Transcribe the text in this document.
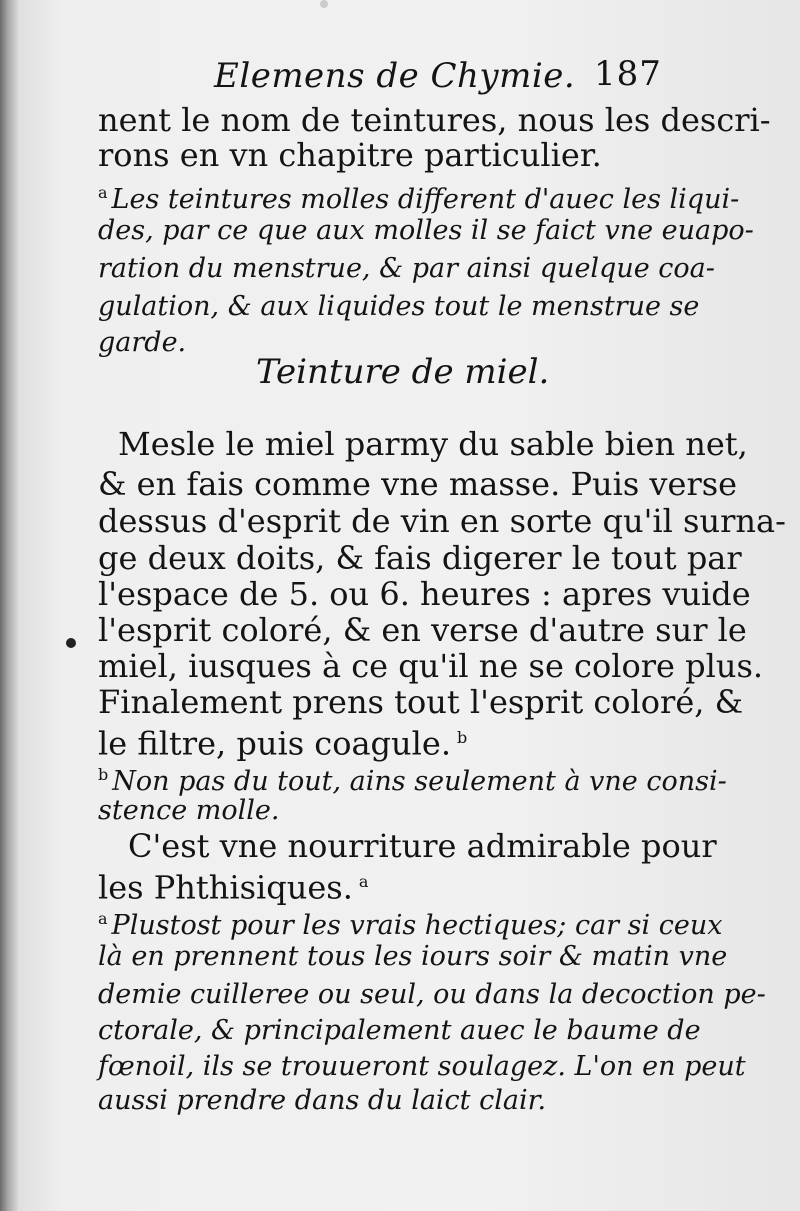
Elemens de Chymie. 187
nent le nom de teintures, nous les descri-
rons en vn chapitre particulier.
$^a$ Les teintures molles different d'auec les liqui-
des, par ce que aux molles il se faict vne euapo-
ration du menstrue, & par ainsi quelque coa-
gulation, & aux liquides tout le menstrue se
garde.
Teinture de miel.
Mesle le miel parmy du sable bien net,
& en fais comme vne masse. Puis verse
dessus d'esprit de vin en sorte qu'il surna-
ge deux doits, & fais digerer le tout par
l'espace de 5. ou 6. heures : apres vuide
l'esprit coloré, & en verse d'autre sur le
miel, iusques à ce qu'il ne se colore plus.
Finalement prens tout l'esprit coloré, &
le filtre, puis coagule. $^b$
$^b$ Non pas du tout, ains seulement à vne consi-
stence molle.
C'est vne nourriture admirable pour
les Phthisiques. $^a$
$^a$ Plustost pour les vrais hectiques; car si ceux
là en prennent tous les iours soir & matin vne
demie cuilleree ou seul, ou dans la decoction pe-
ctorale, & principalement auec le baume de
fœnoil, ils se trouueront soulagez. L'on en peut
aussi prendre dans du laict clair.
